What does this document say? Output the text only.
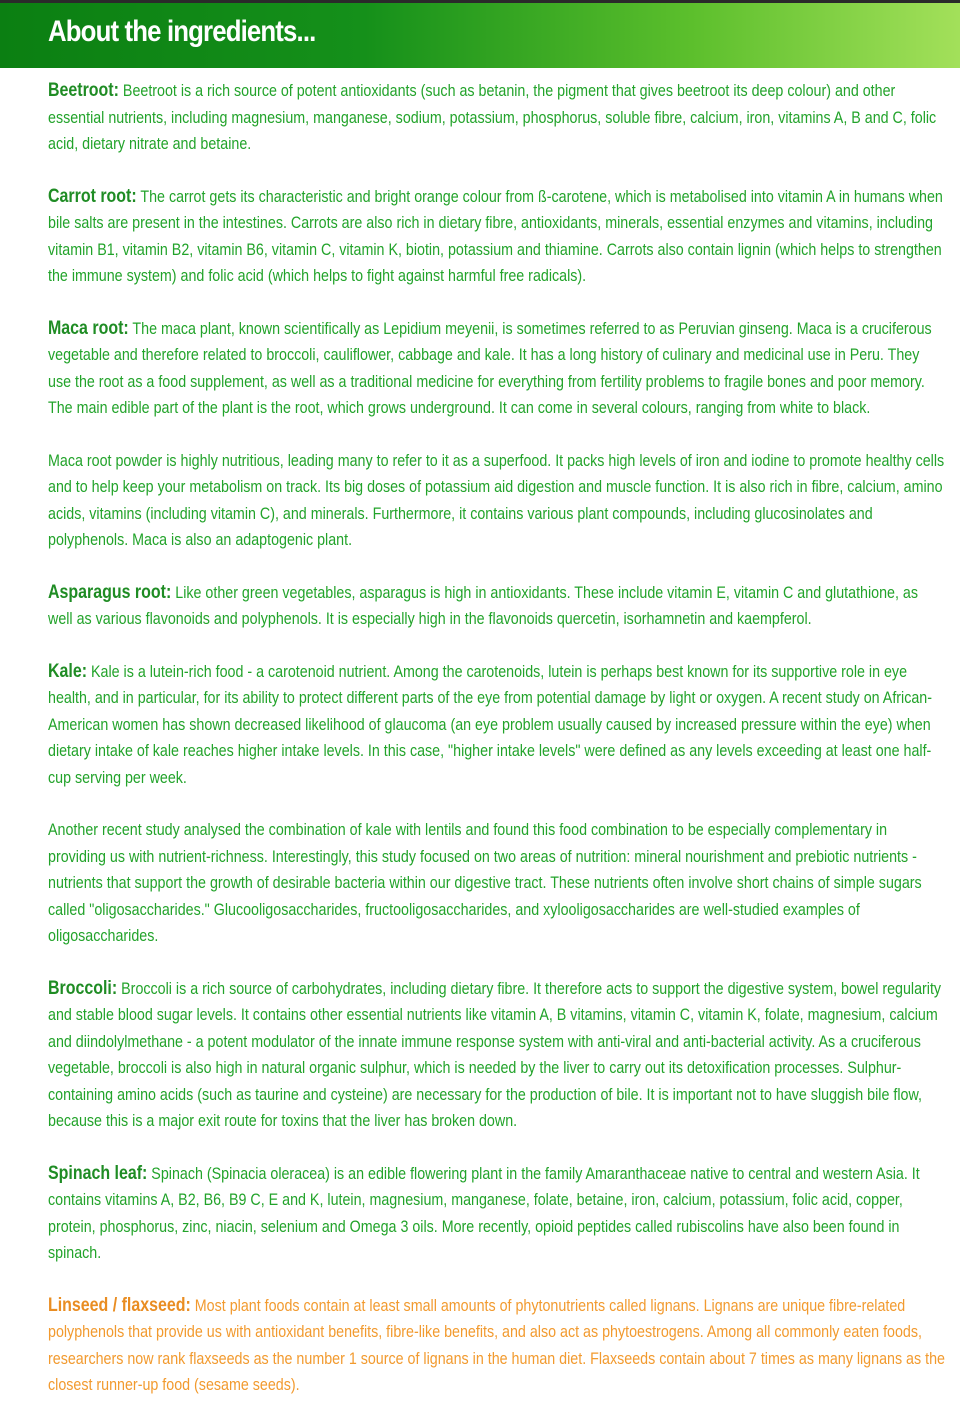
About the ingredients...

Beetroot: Beetroot is a rich source of potent antioxidants (such as betanin, the pigment that gives beetroot its deep colour) and other essential nutrients, including magnesium, manganese, sodium, potassium, phosphorus, soluble fibre, calcium, iron, vitamins A, B and C, folic acid, dietary nitrate and betaine.

Carrot root: The carrot gets its characteristic and bright orange colour from ß-carotene, which is metabolised into vitamin A in humans when bile salts are present in the intestines. Carrots are also rich in dietary fibre, antioxidants, minerals, essential enzymes and vitamins, including vitamin B1, vitamin B2, vitamin B6, vitamin C, vitamin K, biotin, potassium and thiamine. Carrots also contain lignin (which helps to strengthen the immune system) and folic acid (which helps to fight against harmful free radicals).

Maca root: The maca plant, known scientifically as Lepidium meyenii, is sometimes referred to as Peruvian ginseng. Maca is a cruciferous vegetable and therefore related to broccoli, cauliflower, cabbage and kale. It has a long history of culinary and medicinal use in Peru. They use the root as a food supplement, as well as a traditional medicine for everything from fertility problems to fragile bones and poor memory. The main edible part of the plant is the root, which grows underground. It can come in several colours, ranging from white to black.

Maca root powder is highly nutritious, leading many to refer to it as a superfood. It packs high levels of iron and iodine to promote healthy cells and to help keep your metabolism on track. Its big doses of potassium aid digestion and muscle function. It is also rich in fibre, calcium, amino acids, vitamins (including vitamin C), and minerals. Furthermore, it contains various plant compounds, including glucosinolates and polyphenols. Maca is also an adaptogenic plant.

Asparagus root: Like other green vegetables, asparagus is high in antioxidants. These include vitamin E, vitamin C and glutathione, as well as various flavonoids and polyphenols. It is especially high in the flavonoids quercetin, isorhamnetin and kaempferol.

Kale: Kale is a lutein-rich food - a carotenoid nutrient. Among the carotenoids, lutein is perhaps best known for its supportive role in eye health, and in particular, for its ability to protect different parts of the eye from potential damage by light or oxygen. A recent study on African-American women has shown decreased likelihood of glaucoma (an eye problem usually caused by increased pressure within the eye) when dietary intake of kale reaches higher intake levels. In this case, "higher intake levels" were defined as any levels exceeding at least one half-cup serving per week.

Another recent study analysed the combination of kale with lentils and found this food combination to be especially complementary in providing us with nutrient-richness. Interestingly, this study focused on two areas of nutrition: mineral nourishment and prebiotic nutrients - nutrients that support the growth of desirable bacteria within our digestive tract. These nutrients often involve short chains of simple sugars called "oligosaccharides." Glucooligosaccharides, fructooligosaccharides, and xylooligosaccharides are well-studied examples of oligosaccharides.

Broccoli: Broccoli is a rich source of carbohydrates, including dietary fibre. It therefore acts to support the digestive system, bowel regularity and stable blood sugar levels. It contains other essential nutrients like vitamin A, B vitamins, vitamin C, vitamin K, folate, magnesium, calcium and diindolylmethane - a potent modulator of the innate immune response system with anti-viral and anti-bacterial activity. As a cruciferous vegetable, broccoli is also high in natural organic sulphur, which is needed by the liver to carry out its detoxification processes. Sulphur-containing amino acids (such as taurine and cysteine) are necessary for the production of bile. It is important not to have sluggish bile flow, because this is a major exit route for toxins that the liver has broken down.

Spinach leaf: Spinach (Spinacia oleracea) is an edible flowering plant in the family Amaranthaceae native to central and western Asia. It contains vitamins A, B2, B6, B9 C, E and K, lutein, magnesium, manganese, folate, betaine, iron, calcium, potassium, folic acid, copper, protein, phosphorus, zinc, niacin, selenium and Omega 3 oils. More recently, opioid peptides called rubiscolins have also been found in spinach.

Linseed / flaxseed: Most plant foods contain at least small amounts of phytonutrients called lignans. Lignans are unique fibre-related polyphenols that provide us with antioxidant benefits, fibre-like benefits, and also act as phytoestrogens. Among all commonly eaten foods, researchers now rank flaxseeds as the number 1 source of lignans in the human diet. Flaxseeds contain about 7 times as many lignans as the closest runner-up food (sesame seeds).
